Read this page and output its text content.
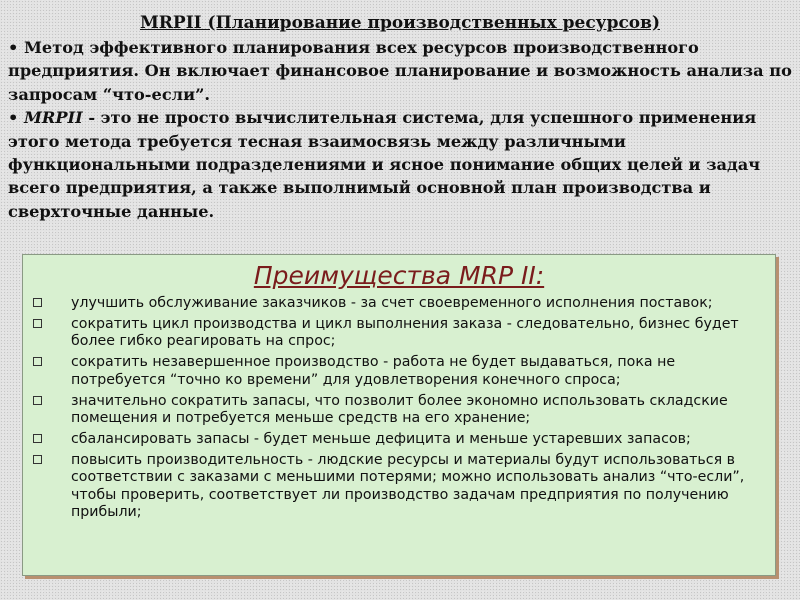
MRPII (Планирование производственных ресурсов)

• Метод эффективного планирования всех ресурсов производственного предприятия. Он включает финансовое планирование и возможность анализа по запросам “что-если”.

• MRPII - это не просто вычислительная система, для успешного применения этого метода требуется тесная взаимосвязь между различными функциональными подразделениями и ясное понимание общих целей и задач всего предприятия, а также выполнимый основной план производства и сверхточные данные.

Преимущества MRP II:
улучшить обслуживание заказчиков - за счет своевременного исполнения поставок;
сократить цикл производства и цикл выполнения заказа - следовательно, бизнес будет более гибко реагировать на спрос;
сократить незавершенное производство - работа не будет выдаваться, пока не потребуется “точно ко времени” для удовлетворения конечного спроса;
значительно сократить запасы, что позволит более экономно использовать складские помещения и потребуется меньше средств на его хранение;
сбалансировать запасы - будет меньше дефицита и меньше устаревших запасов;
повысить производительность - людские ресурсы и материалы будут использоваться в соответствии с заказами с меньшими потерями; можно использовать анализ “что-если”, чтобы проверить, соответствует ли производство задачам предприятия по получению прибыли;
